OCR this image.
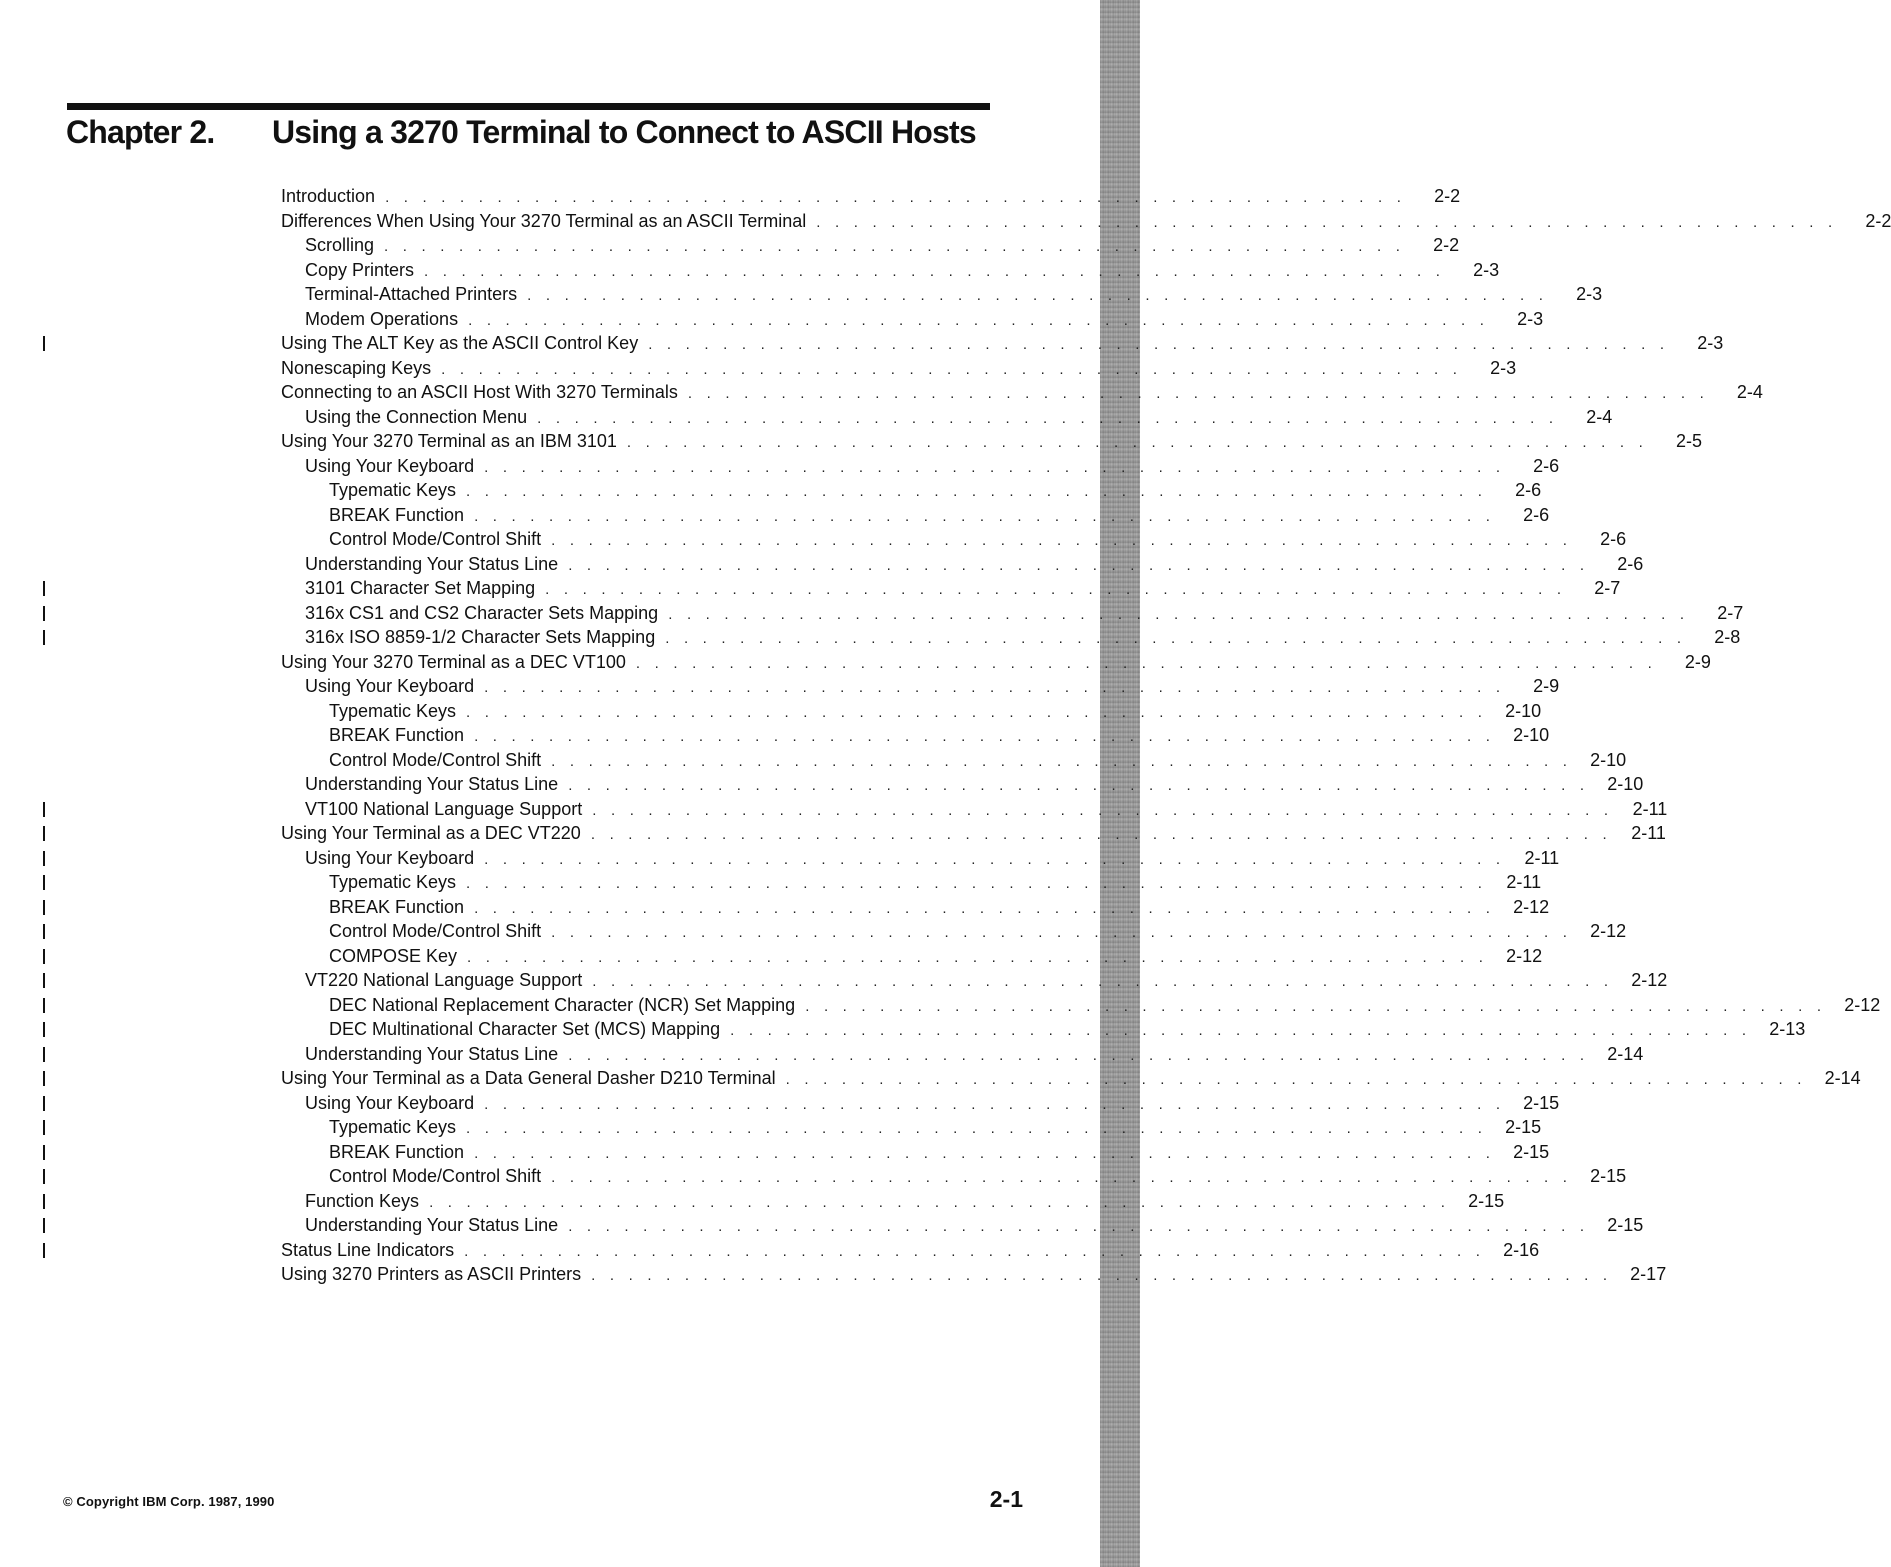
Chapter 2. Using a 3270 Terminal to Connect to ASCII Hosts
Introduction . . . . . . . . . . . . . . . . . . . . . . . . . . . . . . . . . . . . . . . . . . . . . . . . . . . . . . .	2-2
Differences When Using Your 3270 Terminal as an ASCII Terminal . . . . . . . . . . . . . . . . . . . . . . . . . . . . . . . . . . . . . . . . . . . . . . . . . . . . . . .	2-2
Scrolling . . . . . . . . . . . . . . . . . . . . . . . . . . . . . . . . . . . . . . . . . . . . . . . . . . . . . . .	2-2
Copy Printers . . . . . . . . . . . . . . . . . . . . . . . . . . . . . . . . . . . . . . . . . . . . . . . . . . . . . . .	2-3
Terminal-Attached Printers . . . . . . . . . . . . . . . . . . . . . . . . . . . . . . . . . . . . . . . . . . . . . . . . . . . . . . .	2-3
Modem Operations . . . . . . . . . . . . . . . . . . . . . . . . . . . . . . . . . . . . . . . . . . . . . . . . . . . . . . .	2-3
Using The ALT Key as the ASCII Control Key . . . . . . . . . . . . . . . . . . . . . . . . . . . . . . . . . . . . . . . . . . . . . . . . . . . . . . .	2-3
Nonescaping Keys . . . . . . . . . . . . . . . . . . . . . . . . . . . . . . . . . . . . . . . . . . . . . . . . . . . . . . .	2-3
Connecting to an ASCII Host With 3270 Terminals . . . . . . . . . . . . . . . . . . . . . . . . . . . . . . . . . . . . . . . . . . . . . . . . . . . . . . .	2-4
Using the Connection Menu . . . . . . . . . . . . . . . . . . . . . . . . . . . . . . . . . . . . . . . . . . . . . . . . . . . . . . .	2-4
Using Your 3270 Terminal as an IBM 3101 . . . . . . . . . . . . . . . . . . . . . . . . . . . . . . . . . . . . . . . . . . . . . . . . . . . . . . .	2-5
Using Your Keyboard . . . . . . . . . . . . . . . . . . . . . . . . . . . . . . . . . . . . . . . . . . . . . . . . . . . . . . .	2-6
Typematic Keys . . . . . . . . . . . . . . . . . . . . . . . . . . . . . . . . . . . . . . . . . . . . . . . . . . . . . . .	2-6
BREAK Function . . . . . . . . . . . . . . . . . . . . . . . . . . . . . . . . . . . . . . . . . . . . . . . . . . . . . . .	2-6
Control Mode/Control Shift . . . . . . . . . . . . . . . . . . . . . . . . . . . . . . . . . . . . . . . . . . . . . . . . . . . . . . .	2-6
Understanding Your Status Line . . . . . . . . . . . . . . . . . . . . . . . . . . . . . . . . . . . . . . . . . . . . . . . . . . . . . . .	2-6
3101 Character Set Mapping . . . . . . . . . . . . . . . . . . . . . . . . . . . . . . . . . . . . . . . . . . . . . . . . . . . . . . .	2-7
316x CS1 and CS2 Character Sets Mapping . . . . . . . . . . . . . . . . . . . . . . . . . . . . . . . . . . . . . . . . . . . . . . . . . . . . . . .	2-7
316x ISO 8859-1/2 Character Sets Mapping . . . . . . . . . . . . . . . . . . . . . . . . . . . . . . . . . . . . . . . . . . . . . . . . . . . . . . .	2-8
Using Your 3270 Terminal as a DEC VT100 . . . . . . . . . . . . . . . . . . . . . . . . . . . . . . . . . . . . . . . . . . . . . . . . . . . . . . .	2-9
Using Your Keyboard . . . . . . . . . . . . . . . . . . . . . . . . . . . . . . . . . . . . . . . . . . . . . . . . . . . . . . .	2-9
Typematic Keys . . . . . . . . . . . . . . . . . . . . . . . . . . . . . . . . . . . . . . . . . . . . . . . . . . . . . . . 2-10
BREAK Function . . . . . . . . . . . . . . . . . . . . . . . . . . . . . . . . . . . . . . . . . . . . . . . . . . . . . . . 2-10
Control Mode/Control Shift . . . . . . . . . . . . . . . . . . . . . . . . . . . . . . . . . . . . . . . . . . . . . . . . . . . . . . . 2-10
Understanding Your Status Line . . . . . . . . . . . . . . . . . . . . . . . . . . . . . . . . . . . . . . . . . . . . . . . . . . . . . . . 2-10
VT100 National Language Support . . . . . . . . . . . . . . . . . . . . . . . . . . . . . . . . . . . . . . . . . . . . . . . . . . . . . . .	2-11
Using Your Terminal as a DEC VT220 . . . . . . . . . . . . . . . . . . . . . . . . . . . . . . . . . . . . . . . . . . . . . . . . . . . . . . .	2-11
Using Your Keyboard . . . . . . . . . . . . . . . . . . . . . . . . . . . . . . . . . . . . . . . . . . . . . . . . . . . . . . .	2-11
Typematic Keys . . . . . . . . . . . . . . . . . . . . . . . . . . . . . . . . . . . . . . . . . . . . . . . . . . . . . . .	2-11
BREAK Function . . . . . . . . . . . . . . . . . . . . . . . . . . . . . . . . . . . . . . . . . . . . . . . . . . . . . . . 2-12
Control Mode/Control Shift . . . . . . . . . . . . . . . . . . . . . . . . . . . . . . . . . . . . . . . . . . . . . . . . . . . . . . . 2-12
COMPOSE Key . . . . . . . . . . . . . . . . . . . . . . . . . . . . . . . . . . . . . . . . . . . . . . . . . . . . . . . 2-12
VT220 National Language Support . . . . . . . . . . . . . . . . . . . . . . . . . . . . . . . . . . . . . . . . . . . . . . . . . . . . . . . 2-12
DEC National Replacement Character (NCR) Set Mapping . . . . . . . . . . . . . . . . . . . . . . . . . . . . . . . . . . . . . . . . . . . . . . . . . . . . . . . 2-12
DEC Multinational Character Set (MCS) Mapping . . . . . . . . . . . . . . . . . . . . . . . . . . . . . . . . . . . . . . . . . . . . . . . . . . . . . . . 2-13
Understanding Your Status Line . . . . . . . . . . . . . . . . . . . . . . . . . . . . . . . . . . . . . . . . . . . . . . . . . . . . . . . 2-14
Using Your Terminal as a Data General Dasher D210 Terminal . . . . . . . . . . . . . . . . . . . . . . . . . . . . . . . . . . . . . . . . . . . . . . . . . . . . . . . 2-14
Using Your Keyboard . . . . . . . . . . . . . . . . . . . . . . . . . . . . . . . . . . . . . . . . . . . . . . . . . . . . . . . 2-15
Typematic Keys . . . . . . . . . . . . . . . . . . . . . . . . . . . . . . . . . . . . . . . . . . . . . . . . . . . . . . . 2-15
BREAK Function . . . . . . . . . . . . . . . . . . . . . . . . . . . . . . . . . . . . . . . . . . . . . . . . . . . . . . . 2-15
Control Mode/Control Shift . . . . . . . . . . . . . . . . . . . . . . . . . . . . . . . . . . . . . . . . . . . . . . . . . . . . . . . 2-15
Function Keys . . . . . . . . . . . . . . . . . . . . . . . . . . . . . . . . . . . . . . . . . . . . . . . . . . . . . . . 2-15
Understanding Your Status Line . . . . . . . . . . . . . . . . . . . . . . . . . . . . . . . . . . . . . . . . . . . . . . . . . . . . . . . 2-15
Status Line Indicators . . . . . . . . . . . . . . . . . . . . . . . . . . . . . . . . . . . . . . . . . . . . . . . . . . . . . . . 2-16
Using 3270 Printers as ASCII Printers . . . . . . . . . . . . . . . . . . . . . . . . . . . . . . . . . . . . . . . . . . . . . . . . . . . . . . . 2-17
© Copyright IBM Corp. 1987, 1990	2-1
